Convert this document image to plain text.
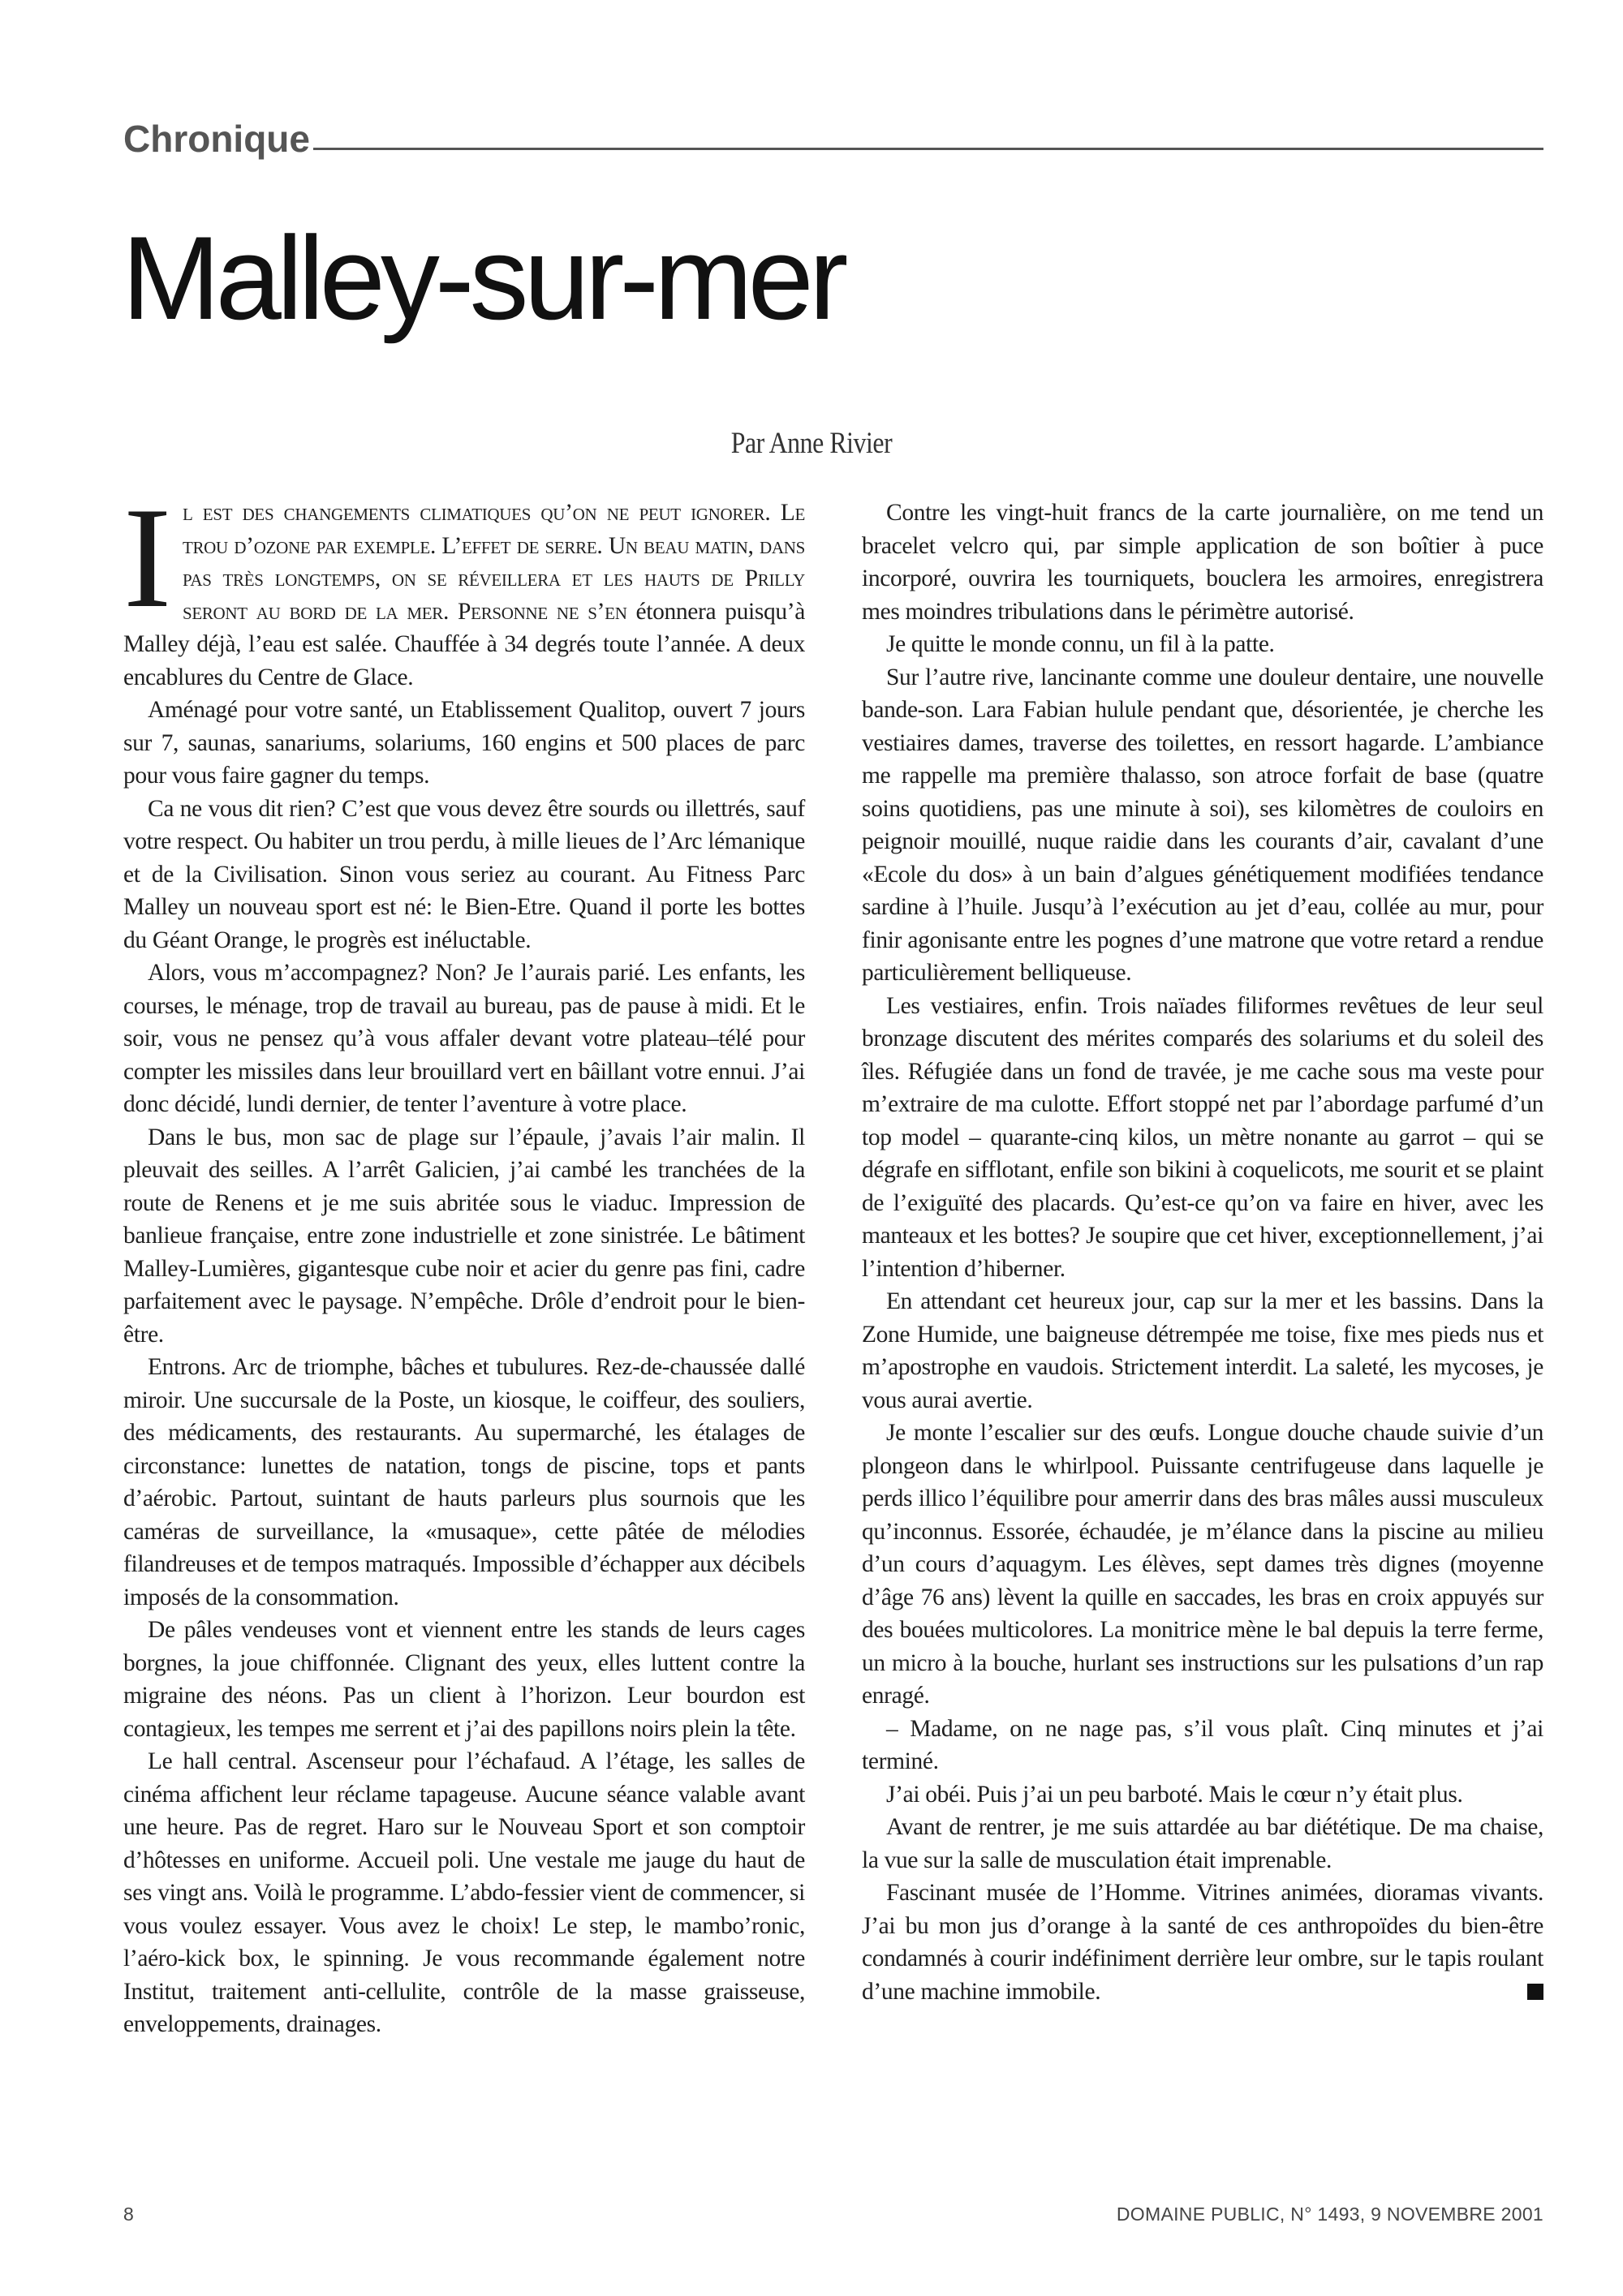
Chronique
Malley-sur-mer
Par Anne Rivier

Il est des changements climatiques qu’on ne peut ignorer. Le trou d’ozone par exemple. L’effet de serre. Un beau matin, dans pas très longtemps, on se réveillera et les hauts de Prilly seront au bord de la mer. Personne ne s’en étonnera puisqu’à Malley déjà, l’eau est salée. Chauffée à 34 degrés toute l’année. A deux encablures du Centre de Glace.

Aménagé pour votre santé, un Etablissement Qualitop, ouvert 7 jours sur 7, saunas, sanariums, solariums, 160 engins et 500 places de parc pour vous faire gagner du temps.

Ca ne vous dit rien? C’est que vous devez être sourds ou illettrés, sauf votre respect. Ou habiter un trou perdu, à mille lieues de l’Arc lémanique et de la Civilisation. Sinon vous seriez au courant. Au Fitness Parc Malley un nouveau sport est né: le Bien-Etre. Quand il porte les bottes du Géant Orange, le progrès est inéluctable.

Alors, vous m’accompagnez? Non? Je l’aurais parié. Les enfants, les courses, le ménage, trop de travail au bureau, pas de pause à midi. Et le soir, vous ne pensez qu’à vous affaler devant votre plateau–télé pour compter les missiles dans leur brouillard vert en bâillant votre ennui. J’ai donc décidé, lundi dernier, de tenter l’aventure à votre place.

Dans le bus, mon sac de plage sur l’épaule, j’avais l’air malin. Il pleuvait des seilles. A l’arrêt Galicien, j’ai cambé les tranchées de la route de Renens et je me suis abritée sous le viaduc. Impression de banlieue française, entre zone industrielle et zone sinistrée. Le bâtiment Malley-Lumières, gigantesque cube noir et acier du genre pas fini, cadre parfaitement avec le paysage. N’empêche. Drôle d’endroit pour le bien-être.

Entrons. Arc de triomphe, bâches et tubulures. Rez-de-chaussée dallé miroir. Une succursale de la Poste, un kiosque, le coiffeur, des souliers, des médicaments, des restaurants. Au supermarché, les étalages de circonstance: lunettes de natation, tongs de piscine, tops et pants d’aérobic. Partout, suintant de hauts parleurs plus sournois que les caméras de surveillance, la «musaque», cette pâtée de mélodies filandreuses et de tempos matraqués. Impossible d’échapper aux décibels imposés de la consommation.

De pâles vendeuses vont et viennent entre les stands de leurs cages borgnes, la joue chiffonnée. Clignant des yeux, elles luttent contre la migraine des néons. Pas un client à l’horizon. Leur bourdon est contagieux, les tempes me serrent et j’ai des papillons noirs plein la tête.

Le hall central. Ascenseur pour l’échafaud. A l’étage, les salles de cinéma affichent leur réclame tapageuse. Aucune séance valable avant une heure. Pas de regret. Haro sur le Nouveau Sport et son comptoir d’hôtesses en uniforme. Accueil poli. Une vestale me jauge du haut de ses vingt ans. Voilà le programme. L’abdo-fessier vient de commencer, si vous voulez essayer. Vous avez le choix! Le step, le mambo’ronic, l’aéro-kick box, le spinning. Je vous recommande également notre Institut, traitement anti-cellulite, contrôle de la masse graisseuse, enveloppements, drainages.

Contre les vingt-huit francs de la carte journalière, on me tend un bracelet velcro qui, par simple application de son boîtier à puce incorporé, ouvrira les tourniquets, bouclera les armoires, enregistrera mes moindres tribulations dans le périmètre autorisé.

Je quitte le monde connu, un fil à la patte.

Sur l’autre rive, lancinante comme une douleur dentaire, une nouvelle bande-son. Lara Fabian hulule pendant que, désorientée, je cherche les vestiaires dames, traverse des toilettes, en ressort hagarde. L’ambiance me rappelle ma première thalasso, son atroce forfait de base (quatre soins quotidiens, pas une minute à soi), ses kilomètres de couloirs en peignoir mouillé, nuque raidie dans les courants d’air, cavalant d’une «Ecole du dos» à un bain d’algues génétiquement modifiées tendance sardine à l’huile. Jusqu’à l’exécution au jet d’eau, collée au mur, pour finir agonisante entre les pognes d’une matrone que votre retard a rendue particulièrement belliqueuse.

Les vestiaires, enfin. Trois naïades filiformes revêtues de leur seul bronzage discutent des mérites comparés des solariums et du soleil des îles. Réfugiée dans un fond de travée, je me cache sous ma veste pour m’extraire de ma culotte. Effort stoppé net par l’abordage parfumé d’un top model – quarante-cinq kilos, un mètre nonante au garrot – qui se dégrafe en sifflotant, enfile son bikini à coquelicots, me sourit et se plaint de l’exiguïté des placards. Qu’est-ce qu’on va faire en hiver, avec les manteaux et les bottes? Je soupire que cet hiver, exceptionnellement, j’ai l’intention d’hiberner.

En attendant cet heureux jour, cap sur la mer et les bassins. Dans la Zone Humide, une baigneuse détrempée me toise, fixe mes pieds nus et m’apostrophe en vaudois. Strictement interdit. La saleté, les mycoses, je vous aurai avertie.

Je monte l’escalier sur des œufs. Longue douche chaude suivie d’un plongeon dans le whirlpool. Puissante centrifugeuse dans laquelle je perds illico l’équilibre pour amerrir dans des bras mâles aussi musculeux qu’inconnus. Essorée, échaudée, je m’élance dans la piscine au milieu d’un cours d’aquagym. Les élèves, sept dames très dignes (moyenne d’âge 76 ans) lèvent la quille en saccades, les bras en croix appuyés sur des bouées multicolores. La monitrice mène le bal depuis la terre ferme, un micro à la bouche, hurlant ses instructions sur les pulsations d’un rap enragé.

– Madame, on ne nage pas, s’il vous plaît. Cinq minutes et j’ai terminé.

J’ai obéi. Puis j’ai un peu barboté. Mais le cœur n’y était plus.

Avant de rentrer, je me suis attardée au bar diététique. De ma chaise, la vue sur la salle de musculation était imprenable.

Fascinant musée de l’Homme. Vitrines animées, dioramas vivants. J’ai bu mon jus d’orange à la santé de ces anthropoïdes du bien-être condamnés à courir indéfiniment derrière leur ombre, sur le tapis roulant d’une machine immobile.

8	DOMAINE PUBLIC, N° 1493, 9 NOVEMBRE 2001
